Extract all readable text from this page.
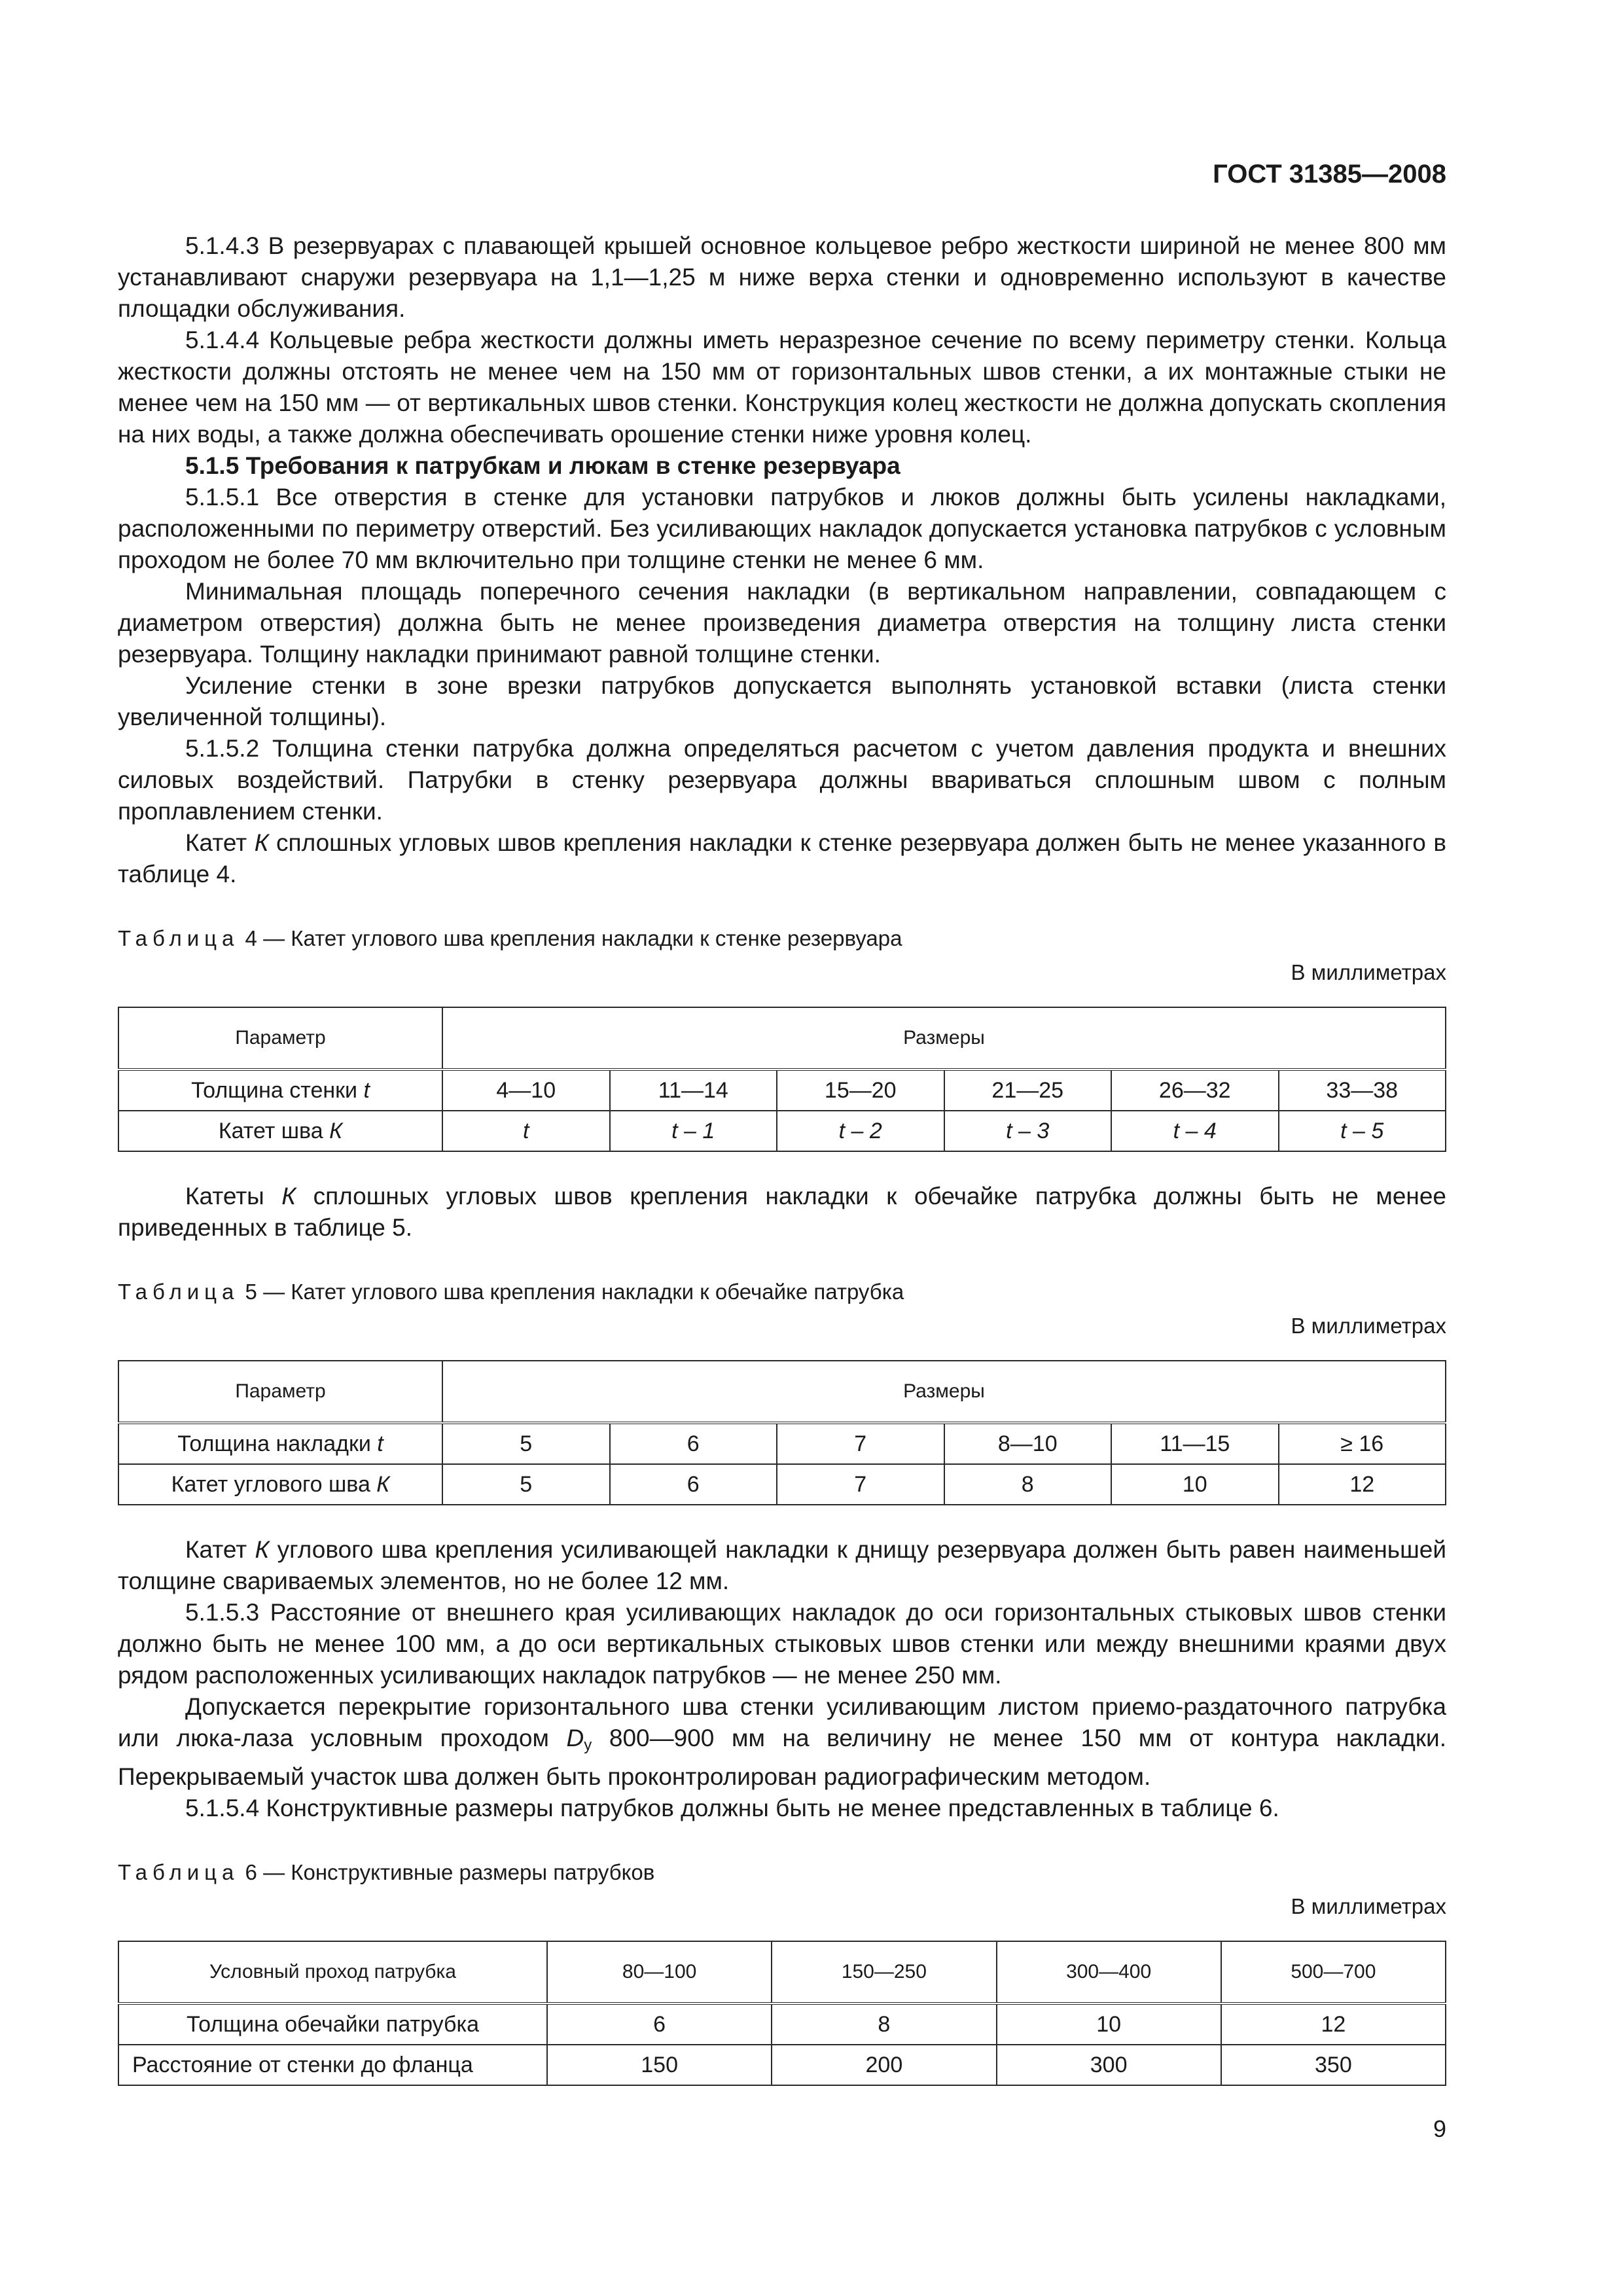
ГОСТ 31385—2008

5.1.4.3 В резервуарах с плавающей крышей основное кольцевое ребро жесткости шириной не менее 800 мм устанавливают снаружи резервуара на 1,1—1,25 м ниже верха стенки и одновременно используют в качестве площадки обслуживания.

5.1.4.4 Кольцевые ребра жесткости должны иметь неразрезное сечение по всему периметру стенки. Кольца жесткости должны отстоять не менее чем на 150 мм от горизонтальных швов стенки, а их монтажные стыки не менее чем на 150 мм — от вертикальных швов стенки. Конструкция колец жесткости не должна допускать скопления на них воды, а также должна обеспечивать орошение стенки ниже уровня колец.

5.1.5 Требования к патрубкам и люкам в стенке резервуара

5.1.5.1 Все отверстия в стенке для установки патрубков и люков должны быть усилены накладками, расположенными по периметру отверстий. Без усиливающих накладок допускается установка патрубков с условным проходом не более 70 мм включительно при толщине стенки не менее 6 мм.

Минимальная площадь поперечного сечения накладки (в вертикальном направлении, совпадающем с диаметром отверстия) должна быть не менее произведения диаметра отверстия на толщину листа стенки резервуара. Толщину накладки принимают равной толщине стенки.

Усиление стенки в зоне врезки патрубков допускается выполнять установкой вставки (листа стенки увеличенной толщины).

5.1.5.2 Толщина стенки патрубка должна определяться расчетом с учетом давления продукта и внешних силовых воздействий. Патрубки в стенку резервуара должны ввариваться сплошным швом с полным проплавлением стенки.

Катет К сплошных угловых швов крепления накладки к стенке резервуара должен быть не менее указанного в таблице 4.

Таблица 4 — Катет углового шва крепления накладки к стенке резервуара
В миллиметрах
Параметр	Размеры					
Толщина стенки t	4—10	11—14	15—20	21—25	26—32	33—38
Катет шва К	t	t – 1	t – 2	t – 3	t – 4	t – 5

Катеты К сплошных угловых швов крепления накладки к обечайке патрубка должны быть не менее приведенных в таблице 5.

Таблица 5 — Катет углового шва крепления накладки к обечайке патрубка
В миллиметрах
Параметр	Размеры					
Толщина накладки t	5	6	7	8—10	11—15	≥ 16
Катет углового шва К	5	6	7	8	10	12

Катет К углового шва крепления усиливающей накладки к днищу резервуара должен быть равен наименьшей толщине свариваемых элементов, но не более 12 мм.

5.1.5.3 Расстояние от внешнего края усиливающих накладок до оси горизонтальных стыковых швов стенки должно быть не менее 100 мм, а до оси вертикальных стыковых швов стенки или между внешними краями двух рядом расположенных усиливающих накладок патрубков — не менее 250 мм.

Допускается перекрытие горизонтального шва стенки усиливающим листом приемо-раздаточного патрубка или люка-лаза условным проходом $D_у$ 800—900 мм на величину не менее 150 мм от контура накладки. Перекрываемый участок шва должен быть проконтролирован радиографическим методом.

5.1.5.4 Конструктивные размеры патрубков должны быть не менее представленных в таблице 6.

Таблица 6 — Конструктивные размеры патрубков
В миллиметрах
Условный проход патрубка	80—100	150—250	300—400	500—700
Толщина обечайки патрубка	6	8	10	12
Расстояние от стенки до фланца	150	200	300	350
9
